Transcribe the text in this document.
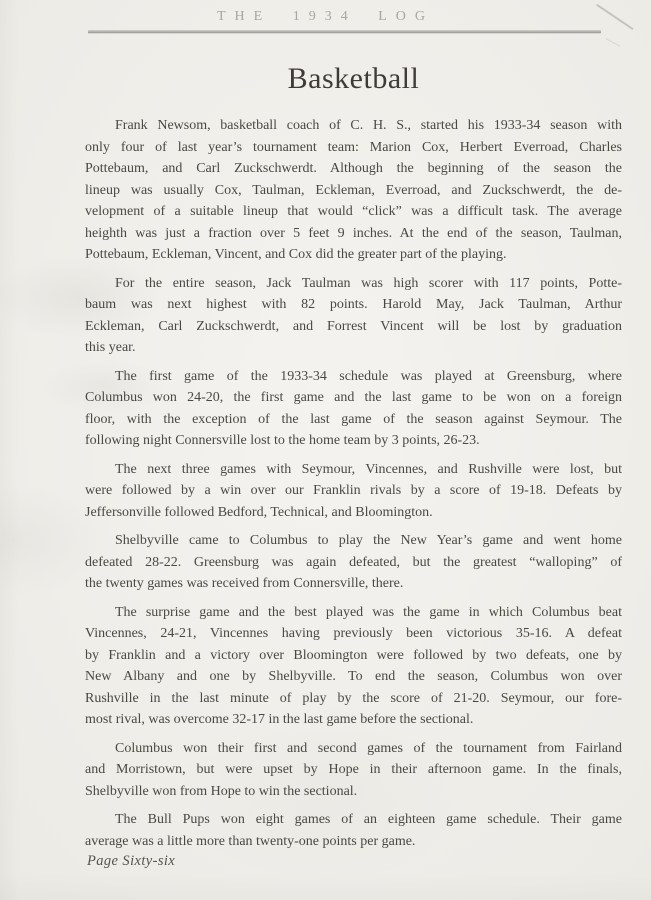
THE 1934 LOG
Basketball
Frank Newsom, basketball coach of C. H. S., started his 1933-34 season with
only four of last year’s tournament team: Marion Cox, Herbert Everroad, Charles
Pottebaum, and Carl Zuckschwerdt. Although the beginning of the season the
lineup was usually Cox, Taulman, Eckleman, Everroad, and Zuckschwerdt, the de-
velopment of a suitable lineup that would “click” was a difficult task. The average
heighth was just a fraction over 5 feet 9 inches. At the end of the season, Taulman,
Pottebaum, Eckleman, Vincent, and Cox did the greater part of the playing.
For the entire season, Jack Taulman was high scorer with 117 points, Potte-
baum was next highest with 82 points. Harold May, Jack Taulman, Arthur
Eckleman, Carl Zuckschwerdt, and Forrest Vincent will be lost by graduation
this year.
The first game of the 1933-34 schedule was played at Greensburg, where
Columbus won 24-20, the first game and the last game to be won on a foreign
floor, with the exception of the last game of the season against Seymour. The
following night Connersville lost to the home team by 3 points, 26-23.
The next three games with Seymour, Vincennes, and Rushville were lost, but
were followed by a win over our Franklin rivals by a score of 19-18. Defeats by
Jeffersonville followed Bedford, Technical, and Bloomington.
Shelbyville came to Columbus to play the New Year’s game and went home
defeated 28-22. Greensburg was again defeated, but the greatest “walloping” of
the twenty games was received from Connersville, there.
The surprise game and the best played was the game in which Columbus beat
Vincennes, 24-21, Vincennes having previously been victorious 35-16. A defeat
by Franklin and a victory over Bloomington were followed by two defeats, one by
New Albany and one by Shelbyville. To end the season, Columbus won over
Rushville in the last minute of play by the score of 21-20. Seymour, our fore-
most rival, was overcome 32-17 in the last game before the sectional.
Columbus won their first and second games of the tournament from Fairland
and Morristown, but were upset by Hope in their afternoon game. In the finals,
Shelbyville won from Hope to win the sectional.
The Bull Pups won eight games of an eighteen game schedule. Their game
average was a little more than twenty-one points per game.
Page Sixty-six
